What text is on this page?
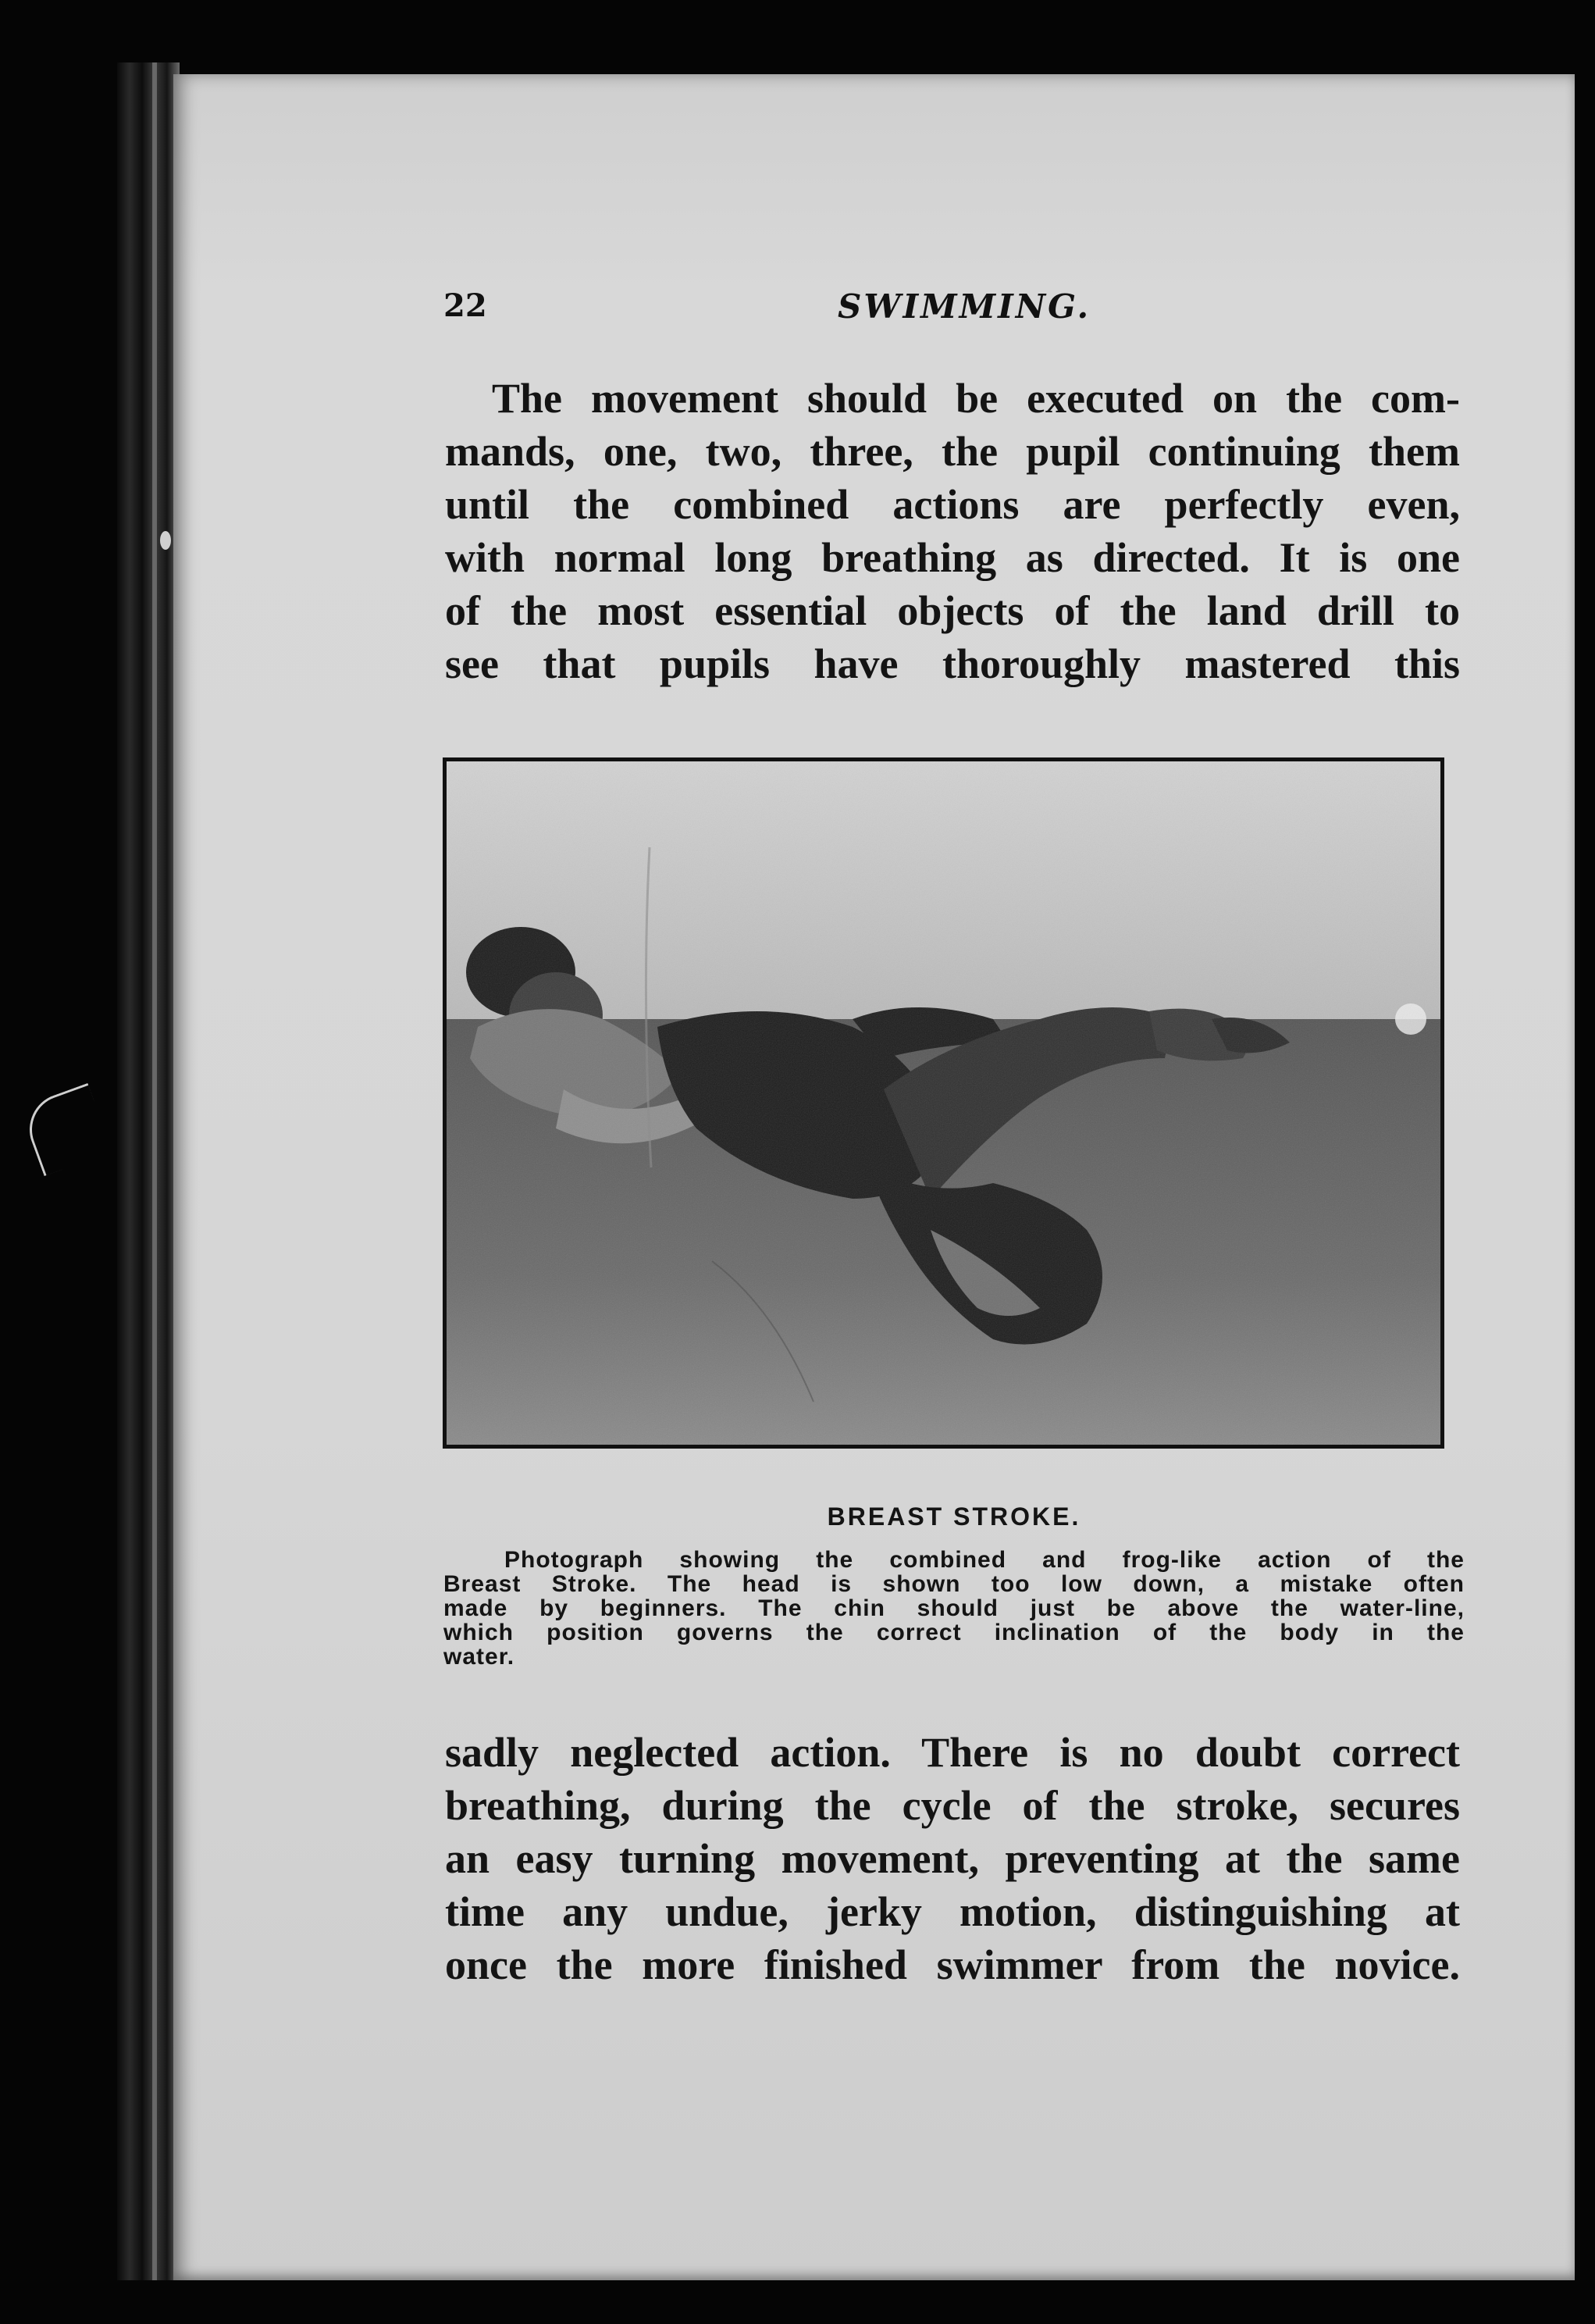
22	SWIMMING.
The movement should be executed on the com-
mands, one, two, three, the pupil continuing them
until the combined actions are perfectly even,
with normal long breathing as directed. It is one
of the most essential objects of the land drill to
see that pupils have thoroughly mastered this
BREAST STROKE.
Photograph showing the combined and frog-like action of the
Breast Stroke. The head is shown too low down, a mistake often
made by beginners. The chin should just be above the water-line,
which position governs the correct inclination of the body in the
water.
sadly neglected action. There is no doubt correct
breathing, during the cycle of the stroke, secures
an easy turning movement, preventing at the same
time any undue, jerky motion, distinguishing at
once the more finished swimmer from the novice.
